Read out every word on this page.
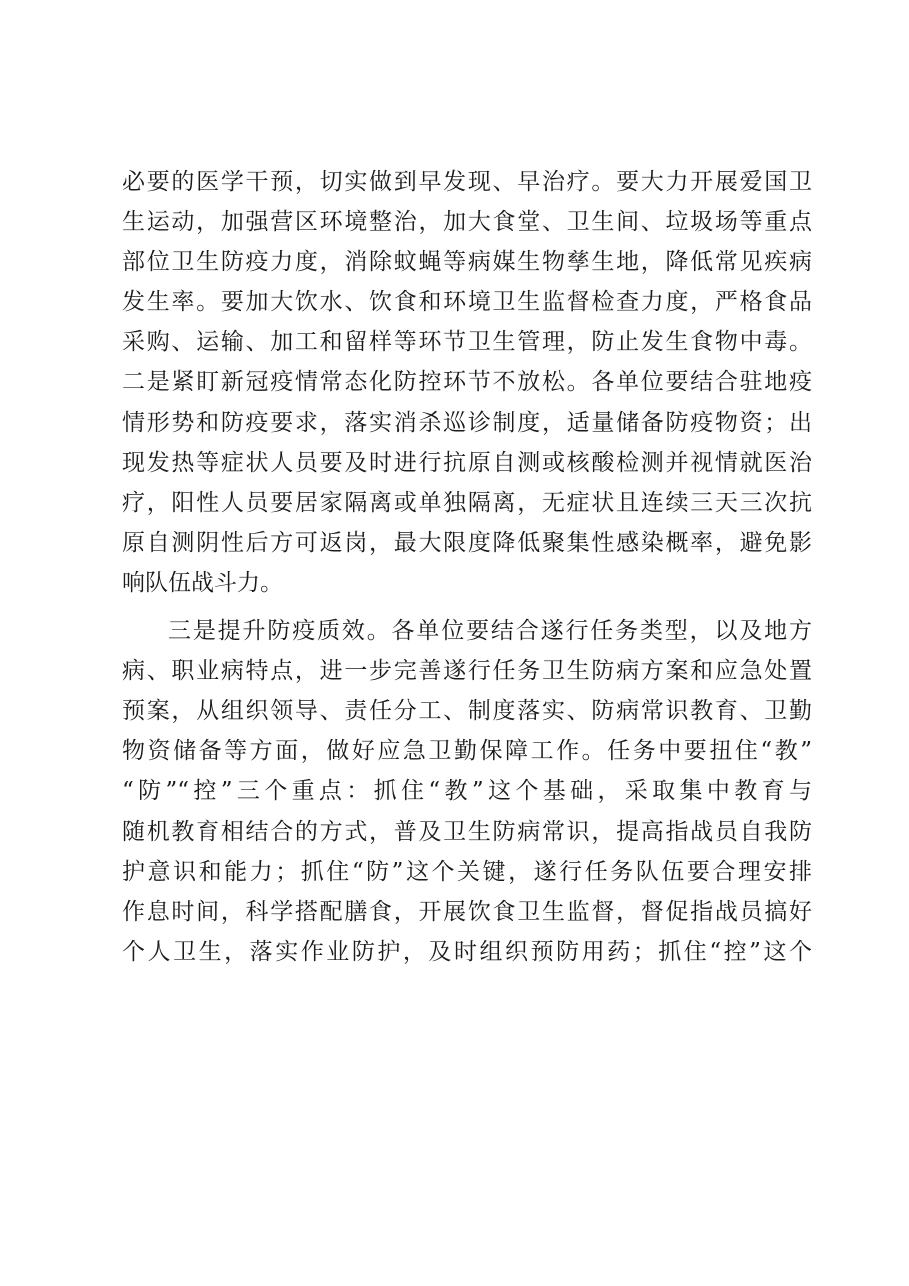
必要的医学干预，切实做到早发现、早治疗。要大力开展爱国卫
生运动，加强营区环境整治，加大食堂、卫生间、垃圾场等重点
部位卫生防疫力度，消除蚊蝇等病媒生物孳生地，降低常见疾病
发生率。要加大饮水、饮食和环境卫生监督检查力度，严格食品
采购、运输、加工和留样等环节卫生管理，防止发生食物中毒。
二是紧盯新冠疫情常态化防控环节不放松。各单位要结合驻地疫
情形势和防疫要求，落实消杀巡诊制度，适量储备防疫物资；出
现发热等症状人员要及时进行抗原自测或核酸检测并视情就医治
疗，阳性人员要居家隔离或单独隔离，无症状且连续三天三次抗
原自测阴性后方可返岗，最大限度降低聚集性感染概率，避免影
响队伍战斗力。
三是提升防疫质效。各单位要结合遂行任务类型，以及地方
病、职业病特点，进一步完善遂行任务卫生防病方案和应急处置
预案，从组织领导、责任分工、制度落实、防病常识教育、卫勤
物资储备等方面，做好应急卫勤保障工作。任务中要扭住“教”
“防”“控”三个重点：抓住“教”这个基础，采取集中教育与
随机教育相结合的方式，普及卫生防病常识，提高指战员自我防
护意识和能力；抓住“防”这个关键，遂行任务队伍要合理安排
作息时间，科学搭配膳食，开展饮食卫生监督，督促指战员搞好
个人卫生，落实作业防护，及时组织预防用药；抓住“控”这个
